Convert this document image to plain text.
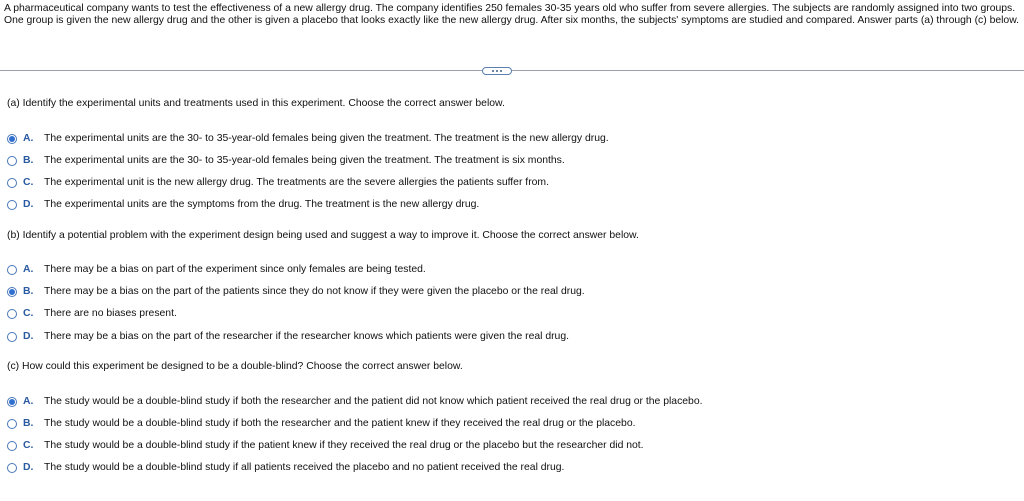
A pharmaceutical company wants to test the effectiveness of a new allergy drug. The company identifies 250 females 30-35 years old who suffer from severe allergies. The subjects are randomly assigned into two groups. One group is given the new allergy drug and the other is given a placebo that looks exactly like the new allergy drug. After six months, the subjects' symptoms are studied and compared. Answer parts (a) through (c) below.
(a) Identify the experimental units and treatments used in this experiment. Choose the correct answer below.
A.	The experimental units are the 30- to 35-year-old females being given the treatment. The treatment is the new allergy drug.
B.	The experimental units are the 30- to 35-year-old females being given the treatment. The treatment is six months.
C.	The experimental unit is the new allergy drug. The treatments are the severe allergies the patients suffer from.
D.	The experimental units are the symptoms from the drug. The treatment is the new allergy drug.
(b) Identify a potential problem with the experiment design being used and suggest a way to improve it. Choose the correct answer below.
A.	There may be a bias on part of the experiment since only females are being tested.
B.	There may be a bias on the part of the patients since they do not know if they were given the placebo or the real drug.
C.	There are no biases present.
D.	There may be a bias on the part of the researcher if the researcher knows which patients were given the real drug.
(c) How could this experiment be designed to be a double-blind? Choose the correct answer below.
A.	The study would be a double-blind study if both the researcher and the patient did not know which patient received the real drug or the placebo.
B.	The study would be a double-blind study if both the researcher and the patient knew if they received the real drug or the placebo.
C.	The study would be a double-blind study if the patient knew if they received the real drug or the placebo but the researcher did not.
D.	The study would be a double-blind study if all patients received the placebo and no patient received the real drug.
